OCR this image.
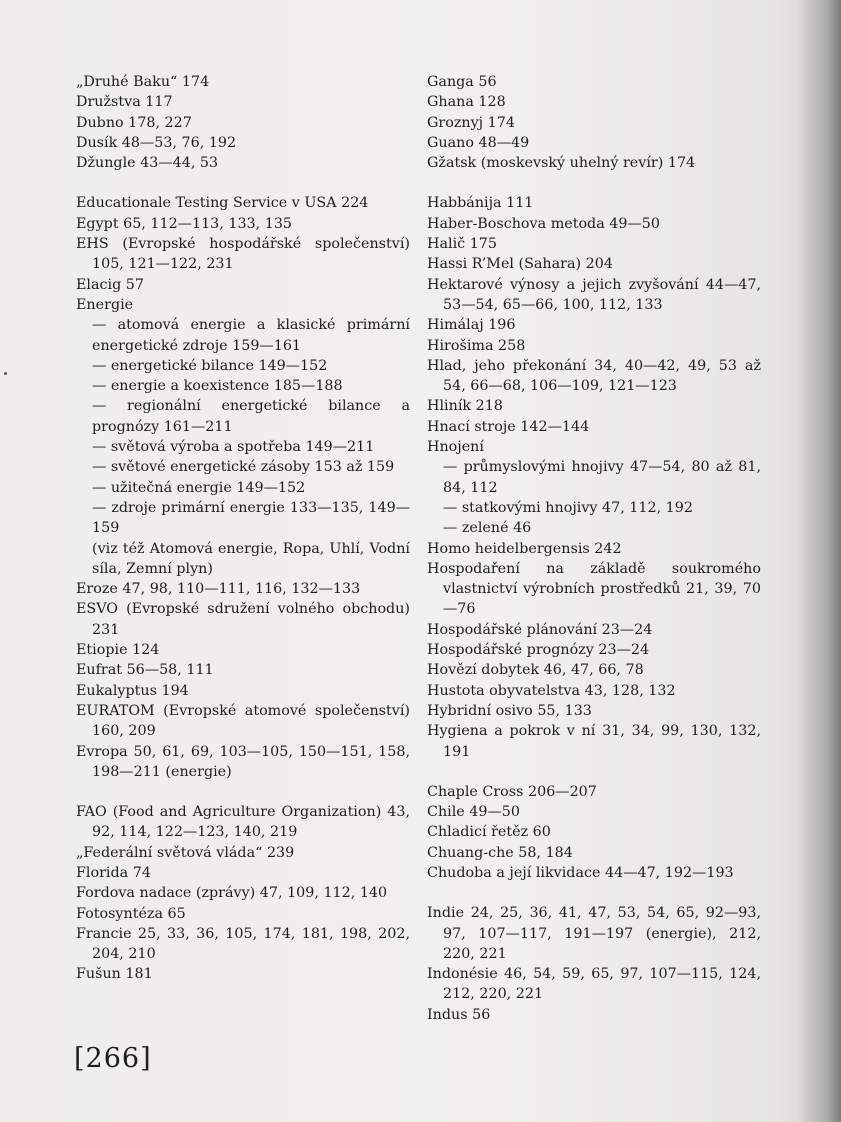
„Druhé Baku“ 174

Družstva 117

Dubno 178, 227

Dusík 48—53, 76, 192

Džungle 43—44, 53

Educationale Testing Service v USA 224

Egypt 65, 112—113, 133, 135

EHS (Evropské hospodářské společenství) 105, 121—122, 231

Elacig 57

Energie

— atomová energie a klasické primární energetické zdroje 159—161

— energetické bilance 149—152

— energie a koexistence 185—188

— regionální energetické bilance a prognózy 161—211

— světová výroba a spotřeba 149—211

— světové energetické zásoby 153 až 159

— užitečná energie 149—152

— zdroje primární energie 133—135, 149—159

(viz též Atomová energie, Ropa, Uhlí, Vodní síla, Zemní plyn)

Eroze 47, 98, 110—111, 116, 132—133

ESVO (Evropské sdružení volného obchodu) 231

Etiopie 124

Eufrat 56—58, 111

Eukalyptus 194

EURATOM (Evropské atomové společenství) 160, 209

Evropa 50, 61, 69, 103—105, 150—151, 158, 198—211 (energie)

FAO (Food and Agriculture Organization) 43, 92, 114, 122—123, 140, 219

„Federální světová vláda“ 239

Florida 74

Fordova nadace (zprávy) 47, 109, 112, 140

Fotosyntéza 65

Francie 25, 33, 36, 105, 174, 181, 198, 202, 204, 210

Fušun 181

Ganga 56

Ghana 128

Groznyj 174

Guano 48—49

Gžatsk (moskevský uhelný revír) 174

Habbánija 111

Haber-Boschova metoda 49—50

Halič 175

Hassi R’Mel (Sahara) 204

Hektarové výnosy a jejich zvyšování 44—47, 53—54, 65—66, 100, 112, 133

Himálaj 196

Hirošima 258

Hlad, jeho překonání 34, 40—42, 49, 53 až 54, 66—68, 106—109, 121—123

Hliník 218

Hnací stroje 142—144

Hnojení

— průmyslovými hnojivy 47—54, 80 až 81, 84, 112

— statkovými hnojivy 47, 112, 192

— zelené 46

Homo heidelbergensis 242

Hospodaření na základě soukromého vlastnictví výrobních prostředků 21, 39, 70—76

Hospodářské plánování 23—24

Hospodářské prognózy 23—24

Hovězí dobytek 46, 47, 66, 78

Hustota obyvatelstva 43, 128, 132

Hybridní osivo 55, 133

Hygiena a pokrok v ní 31, 34, 99, 130, 132, 191

Chaple Cross 206—207

Chile 49—50

Chladicí řetěz 60

Chuang-che 58, 184

Chudoba a její likvidace 44—47, 192—193

Indie 24, 25, 36, 41, 47, 53, 54, 65, 92—93, 97, 107—117, 191—197 (energie), 212, 220, 221

Indonésie 46, 54, 59, 65, 97, 107—115, 124, 212, 220, 221

Indus 56

[266]
